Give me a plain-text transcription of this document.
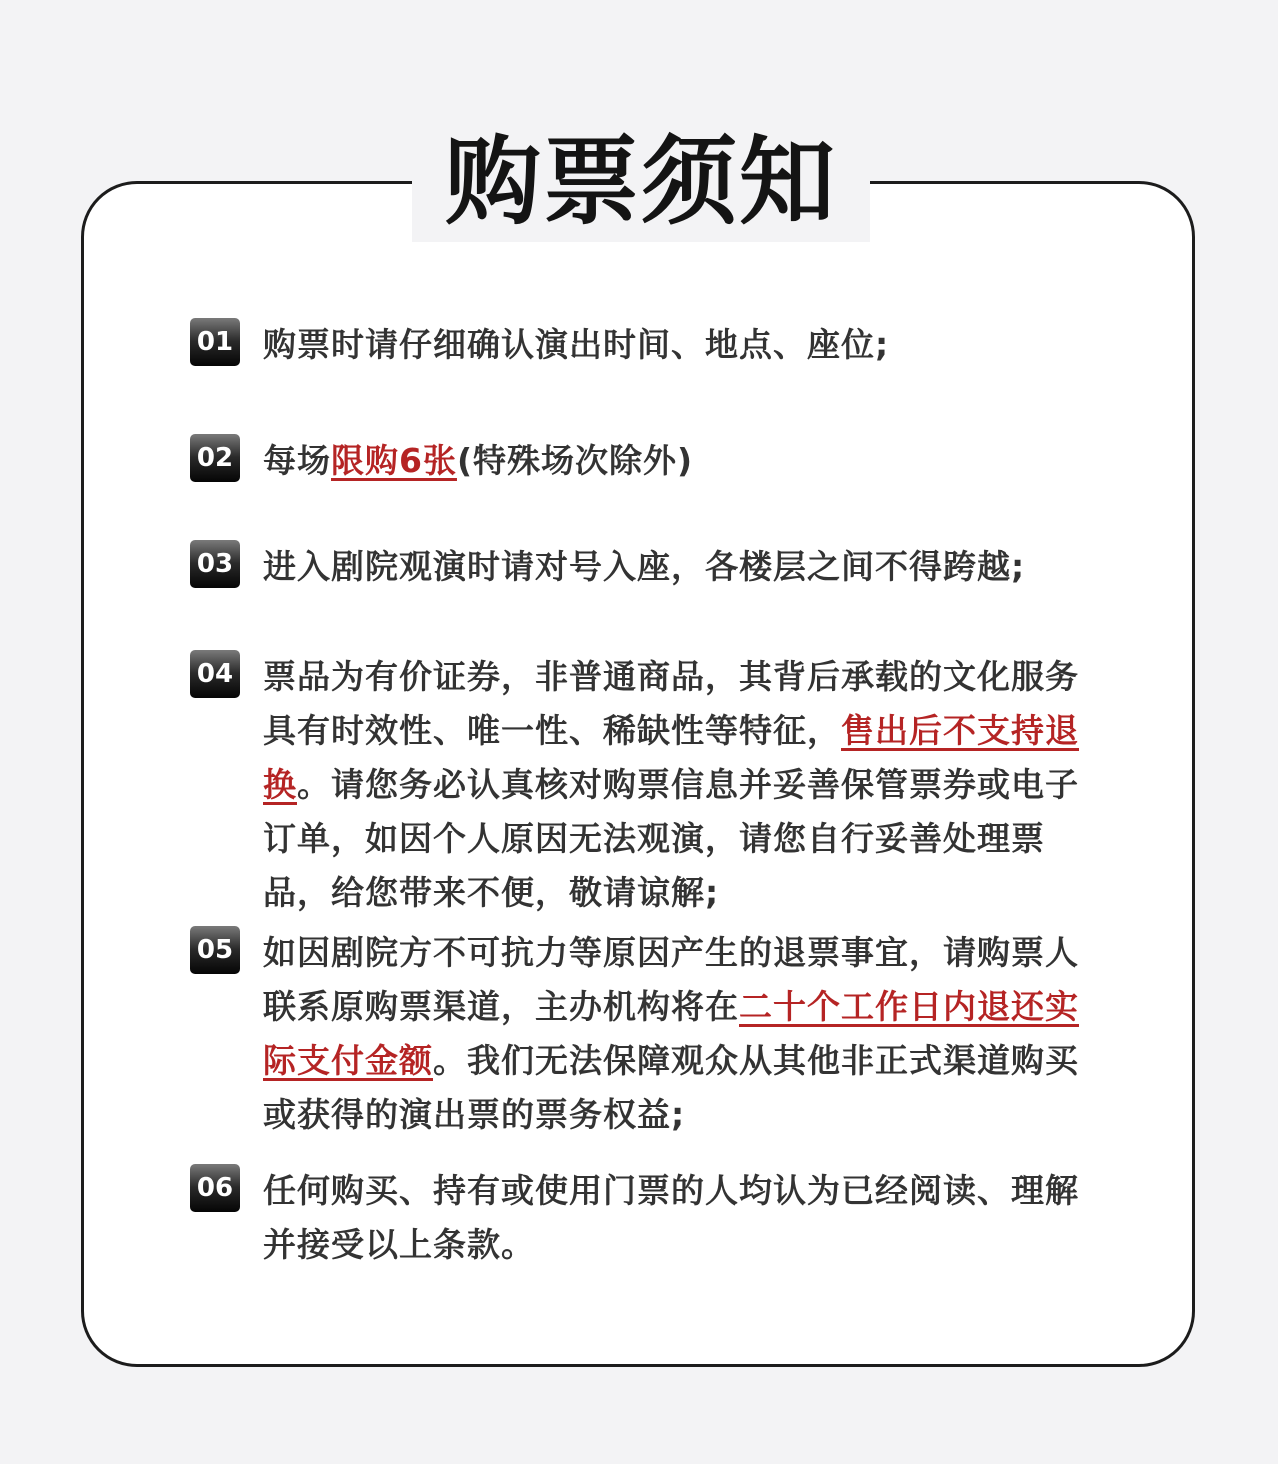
购票须知
01 购票时请仔细确认演出时间、地点、座位;
02 每场限购6张(特殊场次除外)
03 进入剧院观演时请对号入座，各楼层之间不得跨越;
04 票品为有价证券，非普通商品，其背后承载的文化服务具有时效性、唯一性、稀缺性等特征，售出后不支持退换。请您务必认真核对购票信息并妥善保管票券或电子订单，如因个人原因无法观演，请您自行妥善处理票品，给您带来不便，敬请谅解;
05 如因剧院方不可抗力等原因产生的退票事宜，请购票人联系原购票渠道，主办机构将在二十个工作日内退还实际支付金额。我们无法保障观众从其他非正式渠道购买或获得的演出票的票务权益;
06 任何购买、持有或使用门票的人均认为已经阅读、理解并接受以上条款。
